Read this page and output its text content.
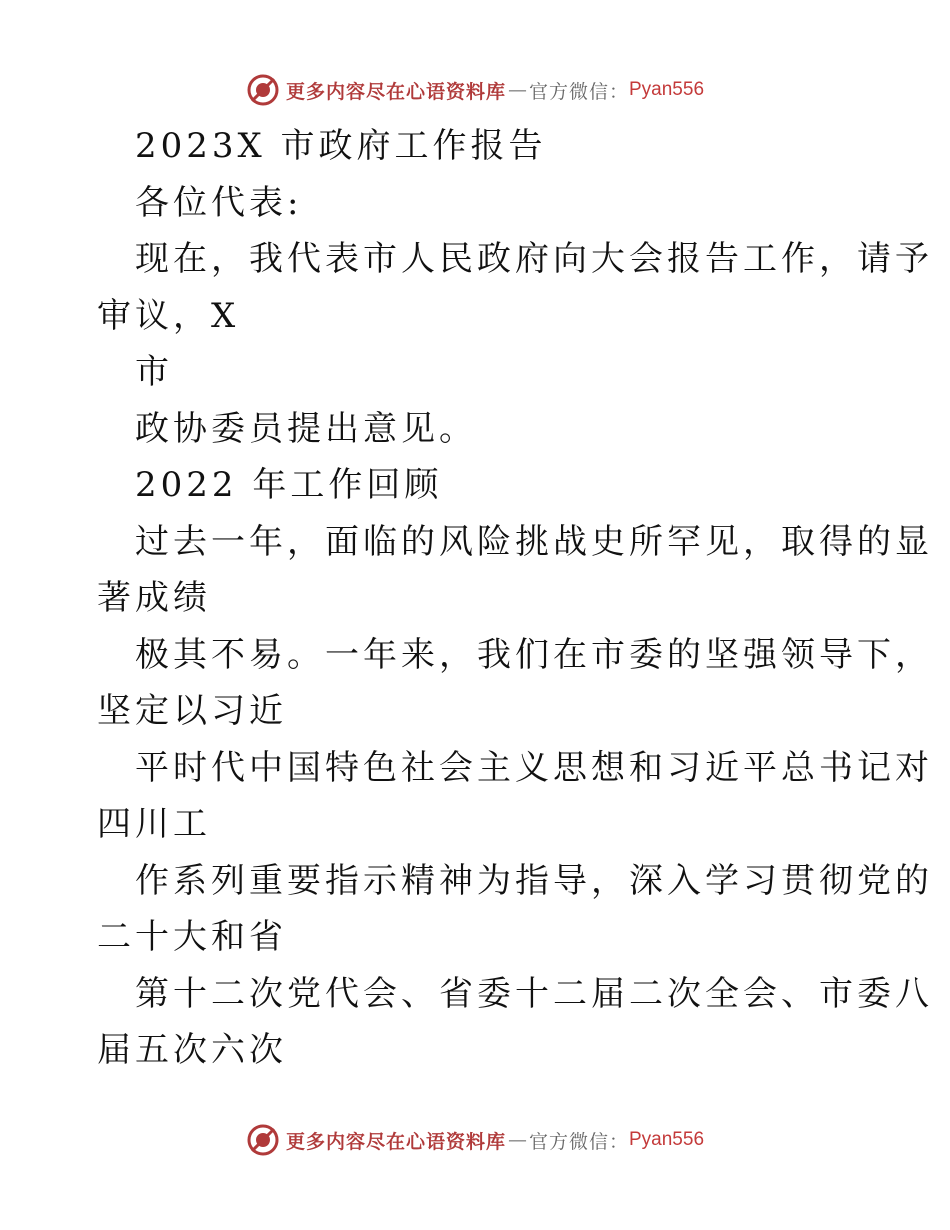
更多内容尽在心语资料库 — 官方微信： Pyan556
2023X 市政府工作报告
各位代表:
现在，我代表市人民政府向大会报告工作，请予
审议，X
市
政协委员提出意见。
2022 年工作回顾
过去一年，面临的风险挑战史所罕见，取得的显
著成绩
极其不易。一年来，我们在市委的坚强领导下，
坚定以习近
平时代中国特色社会主义思想和习近平总书记对
四川工
作系列重要指示精神为指导，深入学习贯彻党的
二十大和省
第十二次党代会、省委十二届二次全会、市委八
届五次六次
更多内容尽在心语资料库 — 官方微信： Pyan556
